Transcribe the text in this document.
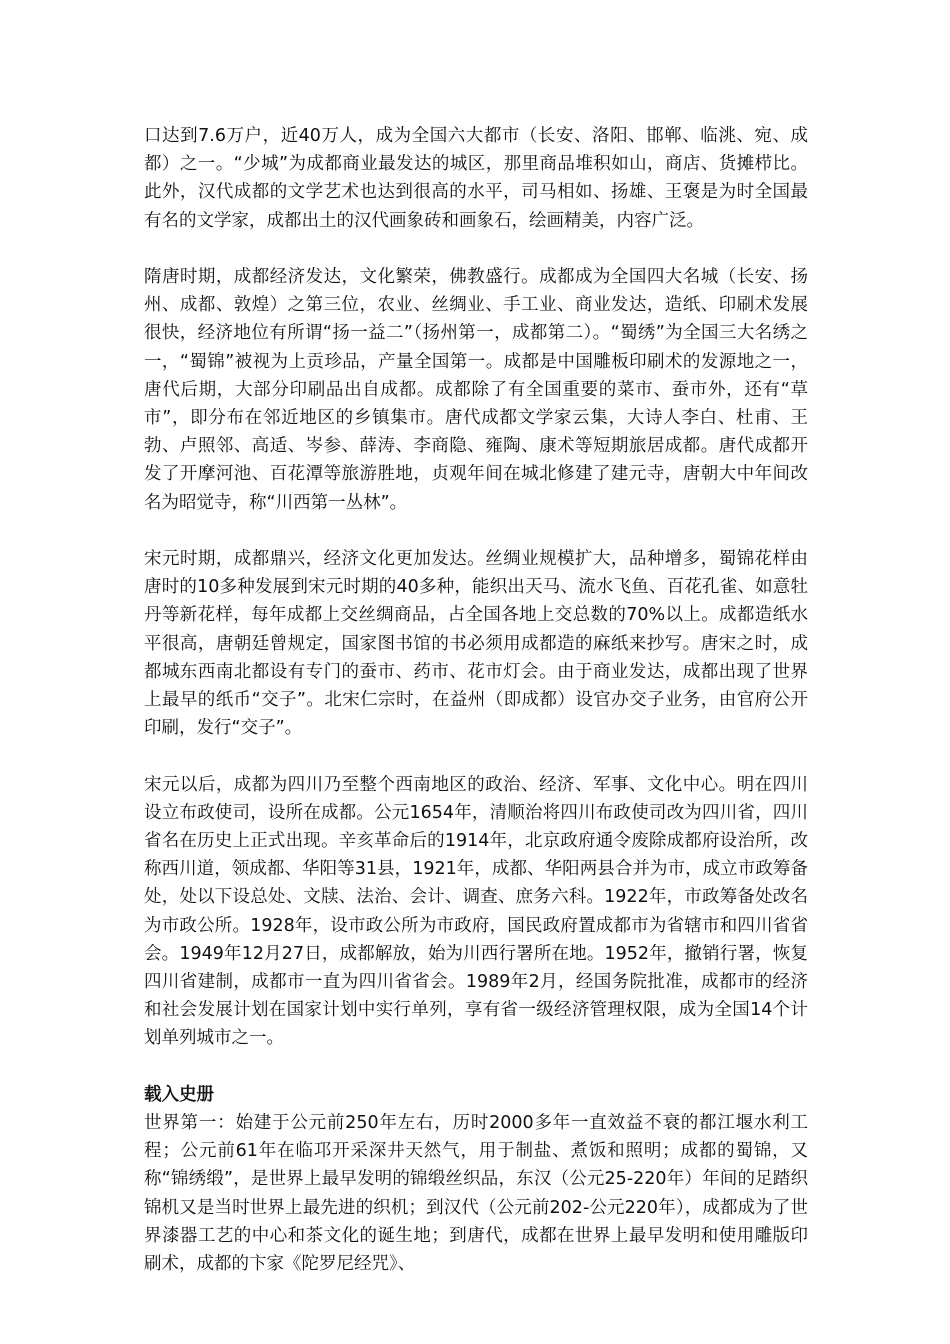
口达到7.6万户，近40万人，成为全国六大都市（长安、洛阳、邯郸、临洮、宛、成都）之一。“少城”为成都商业最发达的城区，那里商品堆积如山，商店、货摊栉比。此外，汉代成都的文学艺术也达到很高的水平，司马相如、扬雄、王褒是为时全国最有名的文学家，成都出土的汉代画象砖和画象石，绘画精美，内容广泛。

隋唐时期，成都经济发达，文化繁荣，佛教盛行。成都成为全国四大名城（长安、扬州、成都、敦煌）之第三位，农业、丝绸业、手工业、商业发达，造纸、印刷术发展很快，经济地位有所谓“扬一益二”（扬州第一，成都第二）。“蜀绣”为全国三大名绣之一，“蜀锦”被视为上贡珍品，产量全国第一。成都是中国雕板印刷术的发源地之一，唐代后期，大部分印刷品出自成都。成都除了有全国重要的菜市、蚕市外，还有“草市”，即分布在邻近地区的乡镇集市。唐代成都文学家云集，大诗人李白、杜甫、王勃、卢照邻、高适、岑参、薛涛、李商隐、雍陶、康术等短期旅居成都。唐代成都开发了开摩河池、百花潭等旅游胜地，贞观年间在城北修建了建元寺，唐朝大中年间改名为昭觉寺，称“川西第一丛林”。

宋元时期，成都鼎兴，经济文化更加发达。丝绸业规模扩大，品种增多，蜀锦花样由唐时的10多种发展到宋元时期的40多种，能织出天马、流水飞鱼、百花孔雀、如意牡丹等新花样，每年成都上交丝绸商品，占全国各地上交总数的70%以上。成都造纸水平很高，唐朝廷曾规定，国家图书馆的书必须用成都造的麻纸来抄写。唐宋之时，成都城东西南北都设有专门的蚕市、药市、花市灯会。由于商业发达，成都出现了世界上最早的纸币“交子”。北宋仁宗时，在益州（即成都）设官办交子业务，由官府公开印刷，发行“交子”。

宋元以后，成都为四川乃至整个西南地区的政治、经济、军事、文化中心。明在四川设立布政使司，设所在成都。公元1654年，清顺治将四川布政使司改为四川省，四川省名在历史上正式出现。辛亥革命后的1914年，北京政府通令废除成都府设治所，改称西川道，领成都、华阳等31县，1921年，成都、华阳两县合并为市，成立市政筹备处，处以下设总处、文牍、法治、会计、调查、庶务六科。1922年，市政筹备处改名为市政公所。1928年，设市政公所为市政府，国民政府置成都市为省辖市和四川省省会。1949年12月27日，成都解放，始为川西行署所在地。1952年，撤销行署，恢复四川省建制，成都市一直为四川省省会。1989年2月，经国务院批准，成都市的经济和社会发展计划在国家计划中实行单列，享有省一级经济管理权限，成为全国14个计划单列城市之一。

载入史册

世界第一：始建于公元前250年左右，历时2000多年一直效益不衰的都江堰水利工程；公元前61年在临邛开采深井天然气，用于制盐、煮饭和照明；成都的蜀锦，又称“锦绣缎”，是世界上最早发明的锦缎丝织品，东汉（公元25-220年）年间的足踏织锦机又是当时世界上最先进的织机；到汉代（公元前202-公元220年），成都成为了世界漆器工艺的中心和茶文化的诞生地；到唐代，成都在世界上最早发明和使用雕版印刷术，成都的卞家《陀罗尼经咒》、
